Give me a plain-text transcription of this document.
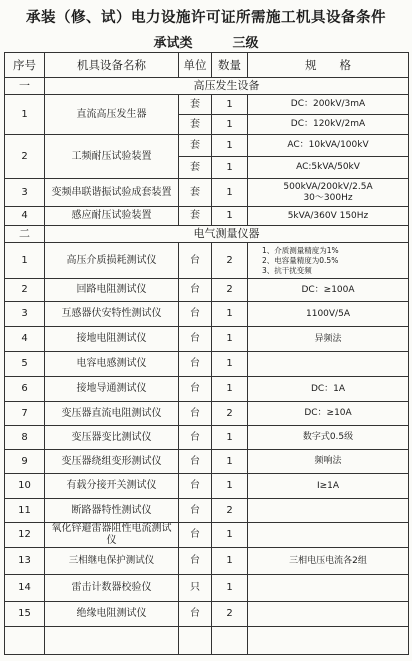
承装（修、试）电力设施许可证所需施工机具设备条件
承试类	三级
序号	机具设备名称	单位	数量	规　　格
一	高压发生设备			
1	直流高压发生器	套	1	DC：200kV/3mA
		套	1	DC：120kV/2mA
2	工频耐压试验装置	套	1	AC：10kVA/100kV
		套	1	AC:5kVA/50kV
3	变频串联谐振试验成套装置	套	1	500kVA/200kV/2.5A
30～300Hz

4	感应耐压试验装置	套	1	5kVA/360V 150Hz
二	电气测量仪器			
1	高压介质损耗测试仪	台	2	1、介质测量精度为1%
2、电容量精度为0.5%
3、抗干扰变频

2	回路电阻测试仪	台	2	DC：≥100A
3	互感器伏安特性测试仪	台	1	1100V/5A
4	接地电阻测试仪	台	1	异频法
5	电容电感测试仪	台	1	
6	接地导通测试仪	台	1	DC：1A
7	变压器直流电阻测试仪	台	2	DC：≥10A
8	变压器变比测试仪	台	1	数字式0.5级
9	变压器绕组变形测试仪	台	1	频响法
10	有载分接开关测试仪	台	1	I≥1A
11	断路器特性测试仪	台	2	
12	氧化锌避雷器阻性电流测试仪	台	1	
13	三相继电保护测试仪	台	1	三相电压电流各2组
14	雷击计数器校验仪	只	1	
15	绝缘电阻测试仪	台	2	
